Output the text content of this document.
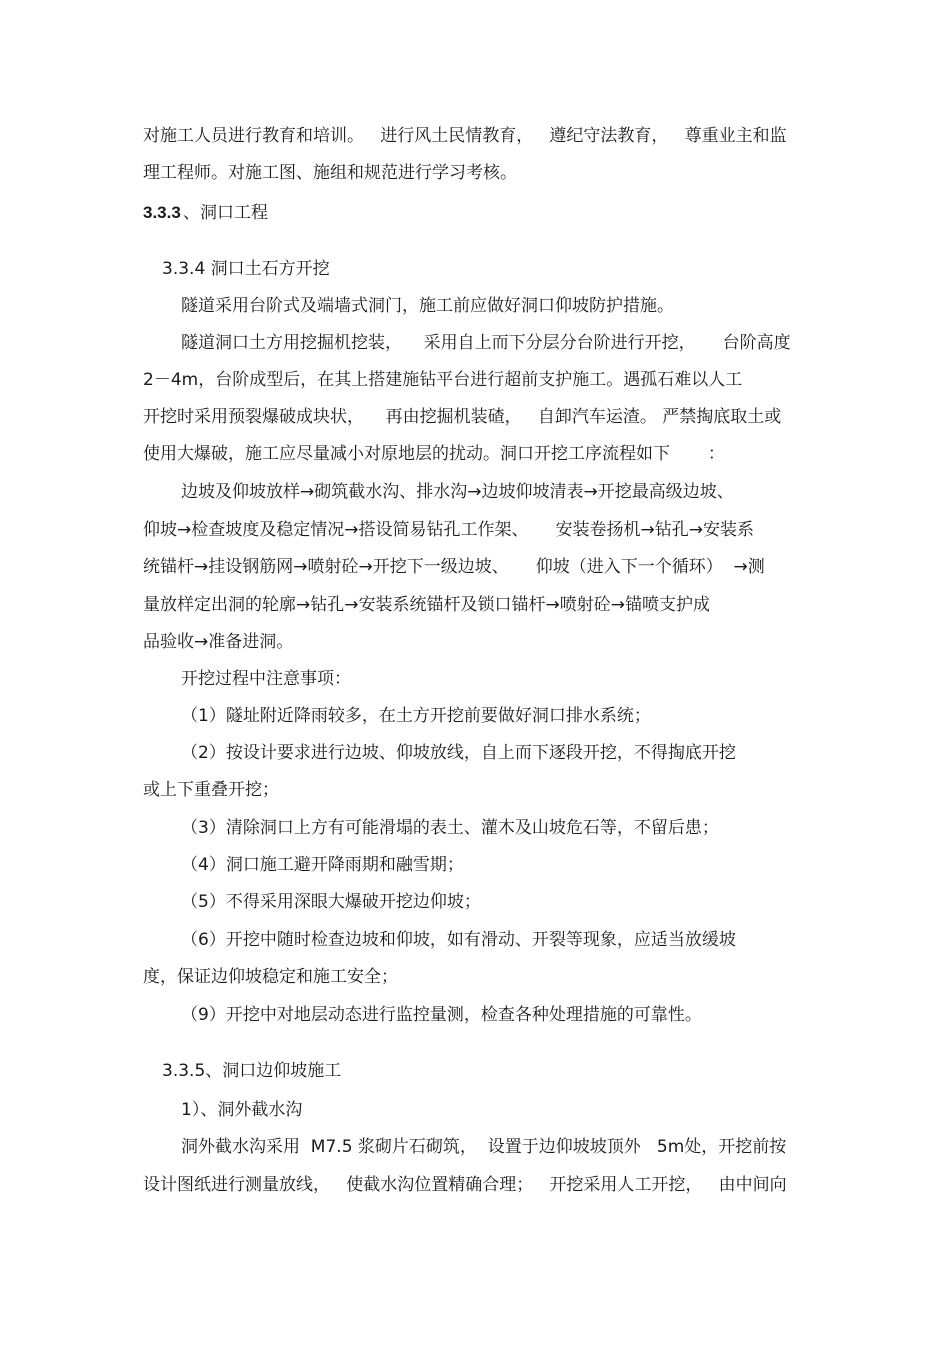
对施工人员进行教育和培训。   进行风土民情教育，   遵纪守法教育，   尊重业主和监
理工程师。对施工图、施组和规范进行学习考核。
3.3.3 、洞口工程
3.3.4 洞口土石方开挖
隧道采用台阶式及端墙式洞门，施工前应做好洞口仰坡防护措施。
隧道洞口土方用挖掘机挖装，    采用自上而下分层分台阶进行开挖，     台阶高度
2－4m，台阶成型后，在其上搭建施钻平台进行超前支护施工。遇孤石难以人工
开挖时采用预裂爆破成块状，    再由挖掘机装碴，   自卸汽车运渣。 严禁掏底取土或
使用大爆破，施工应尽量减小对原地层的扰动。洞口开挖工序流程如下       ：
边坡及仰坡放样→砌筑截水沟、排水沟→边坡仰坡清表→开挖最高级边坡、
仰坡→检查坡度及稳定情况→搭设简易钻孔工作架、     安装卷扬机→钻孔→安装系
统锚杆→挂设钢筋网→喷射砼→开挖下一级边坡、     仰坡（进入下一个循环）  →测
量放样定出洞的轮廓→钻孔→安装系统锚杆及锁口锚杆→喷射砼→锚喷支护成
品验收→准备进洞。
开挖过程中注意事项：
（1）隧址附近降雨较多，在土方开挖前要做好洞口排水系统；
（2）按设计要求进行边坡、仰坡放线，自上而下逐段开挖，不得掏底开挖
或上下重叠开挖；
（3）清除洞口上方有可能滑塌的表土、灌木及山坡危石等，不留后患；
（4）洞口施工避开降雨期和融雪期；
（5）不得采用深眼大爆破开挖边仰坡；
（6）开挖中随时检查边坡和仰坡，如有滑动、开裂等现象，应适当放缓坡
度，保证边仰坡稳定和施工安全；
（9）开挖中对地层动态进行监控量测，检查各种处理措施的可靠性。
3.3.5、洞口边仰坡施工
1）、洞外截水沟
洞外截水沟采用  M7.5 浆砌片石砌筑，  设置于边仰坡坡顶外   5m处，开挖前按
设计图纸进行测量放线，   使截水沟位置精确合理；   开挖采用人工开挖，   由中间向
